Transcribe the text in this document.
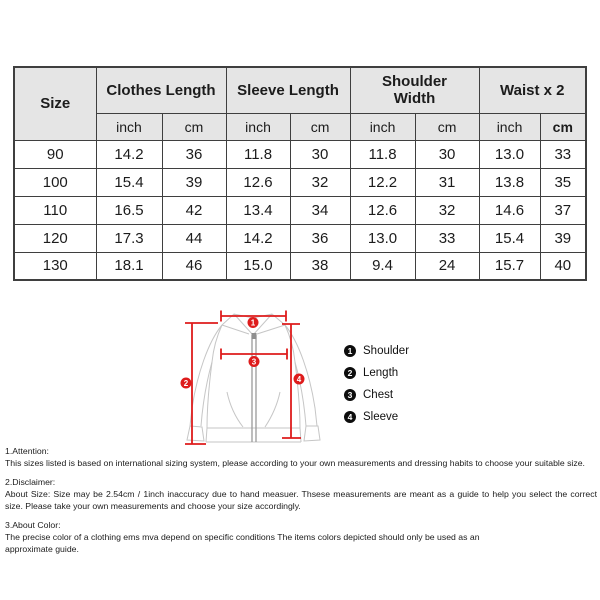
Size	Clothes Length		Sleeve Length		Shoulder Width		Waist x 2	
	inch	cm	inch	cm	inch	cm	inch	cm
90	14.2	36	11.8	30	11.8	30	13.0	33
100	15.4	39	12.6	32	12.2	31	13.8	35
110	16.5	42	13.4	34	12.6	32	14.6	37
120	17.3	44	14.2	36	13.0	33	15.4	39
130	18.1	46	15.0	38	9.4	24	15.7	40
1
2
3
4
1 Shoulder
2 Length
3 Chest
4 Sleeve
1.Attention:
This sizes listed is based on international sizing system, please according to your own measurements and dressing habits to choose your suitable size.
2.Disclaimer:
About Size: Size may be 2.54cm / 1inch inaccuracy due to hand measuer. Thsese measurements are meant as a guide to help you select the correct size. Please take your own measurements and choose your size accordingly.
3.About Color:
The precise color of a clothing ems mva depend on specific conditions The items colors depicted should only be used as an approximate guide.
